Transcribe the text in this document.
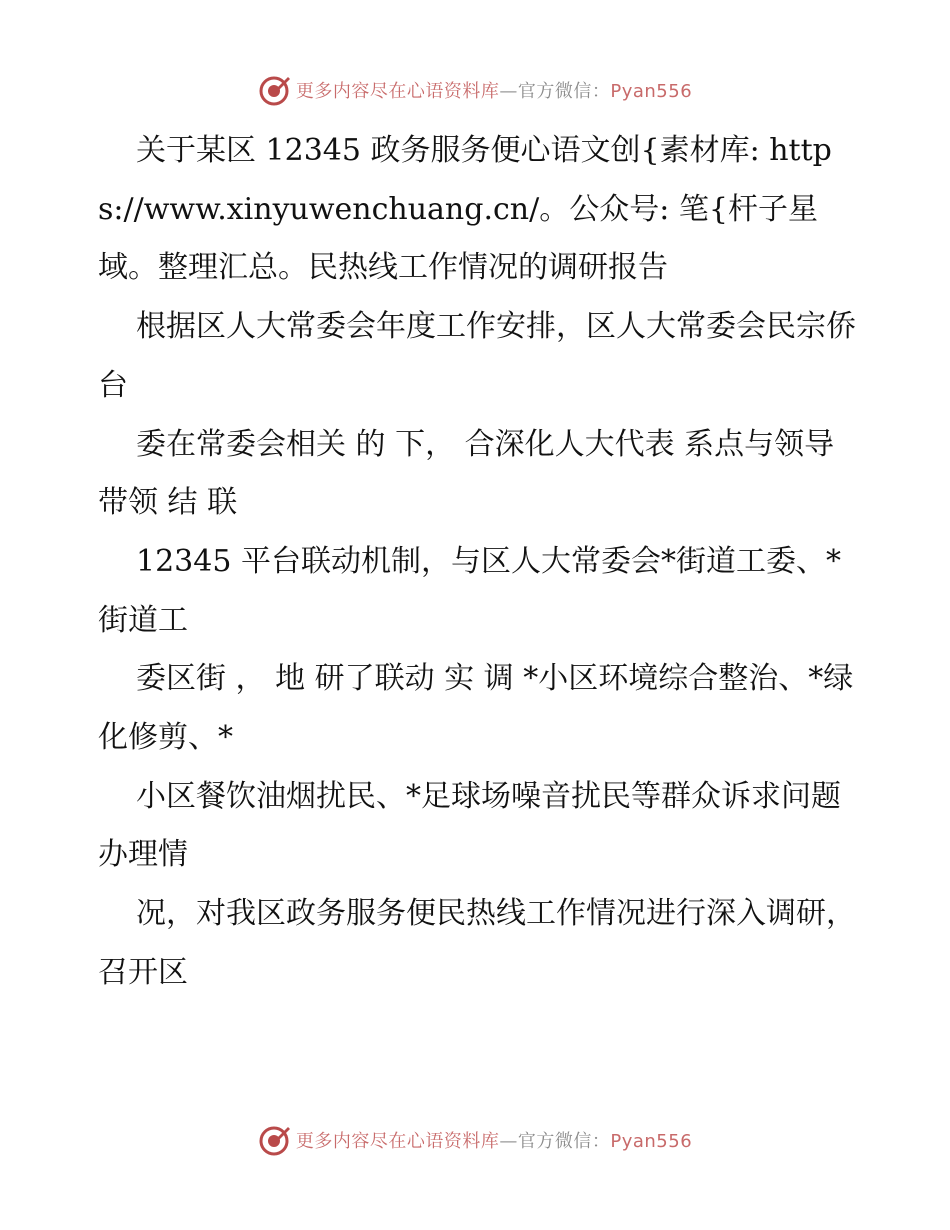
更多内容尽在心语资料库—官方微信：Pyan556

关于某区 12345 政务服务便心语文创{素材库: https://www.xinyuwenchuang.cn/。公众号: 笔{杆子星域。整理汇总。民热线工作情况的调研报告

根据区人大常委会年度工作安排，区人大常委会民宗侨台

委在常委会相关 的 下， 合深化人大代表 系点与领导 带领 结 联

12345 平台联动机制，与区人大常委会*街道工委、*街道工

委区街 ， 地 研了联动 实 调 *小区环境综合整治、*绿化修剪、*

小区餐饮油烟扰民、*足球场噪音扰民等群众诉求问题办理情

况，对我区政务服务便民热线工作情况进行深入调研，召开区

更多内容尽在心语资料库—官方微信：Pyan556
